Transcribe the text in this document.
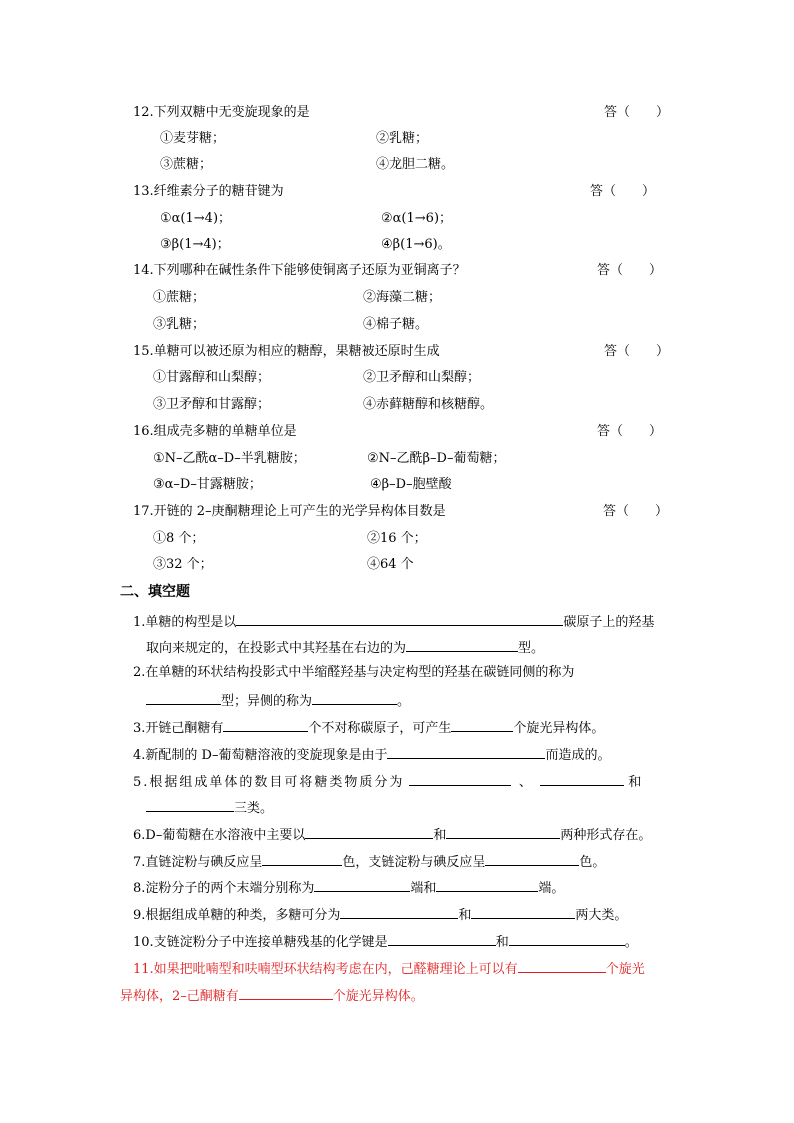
12.下列双糖中无变旋现象的是	答（　　）
①麦芽糖；	②乳糖；
③蔗糖；	④龙胆二糖。
13.纤维素分子的糖苷键为	答（　　）
①α(1→4)；	②α(1→6)；
③β(1→4)；	④β(1→6)。
14.下列哪种在碱性条件下能够使铜离子还原为亚铜离子？	答（　　）
①蔗糖；	②海藻二糖；
③乳糖；	④棉子糖。
15.单糖可以被还原为相应的糖醇，果糖被还原时生成	答（　　）
①甘露醇和山梨醇；	②卫矛醇和山梨醇；
③卫矛醇和甘露醇；	④赤藓糖醇和核糖醇。
16.组成壳多糖的单糖单位是	答（　　）
①N–乙酰α–D–半乳糖胺；	②N–乙酰β–D–葡萄糖；
③α–D–甘露糖胺；	④β–D–胞壁酸
17.开链的 2–庚酮糖理论上可产生的光学异构体目数是	答（　　）
①8 个；	②16 个；
③32 个；	④64 个
二、填空题
1.单糖的构型是以	碳原子上的羟基
取向来规定的，在投影式中其羟基在右边的为	型。
2.在单糖的环状结构投影式中半缩醛羟基与决定构型的羟基在碳链同侧的称为
型；异侧的称为	。
3.开链己酮糖有	个不对称碳原子，可产生	个旋光异构体。
4.新配制的 D–葡萄糖溶液的变旋现象是由于	而造成的。
5.根据组成单体的数目可将糖类物质分为	、	和
三类。
6.D–葡萄糖在水溶液中主要以	和	两种形式存在。
7.直链淀粉与碘反应呈	色，支链淀粉与碘反应呈	色。
8.淀粉分子的两个末端分别称为	端和	端。
9.根据组成单糖的种类，多糖可分为	和	两大类。
10.支链淀粉分子中连接单糖残基的化学键是	和	。
11.如果把吡喃型和呋喃型环状结构考虑在内，己醛糖理论上可以有	个旋光
异构体，2–己酮糖有	个旋光异构体。
